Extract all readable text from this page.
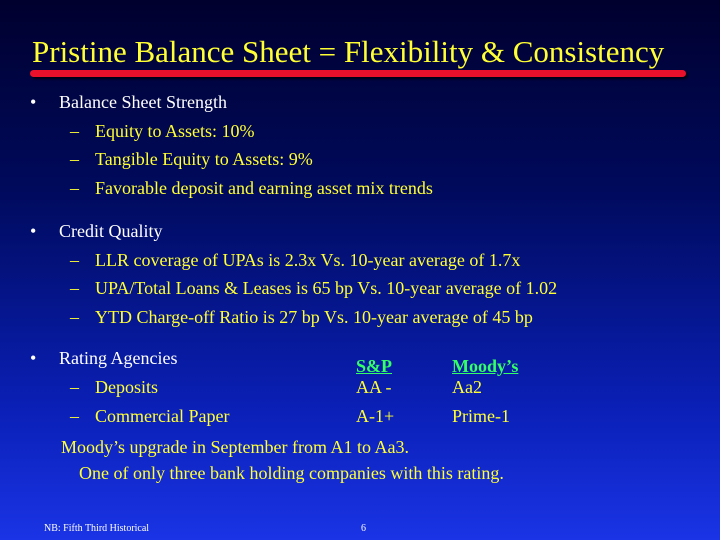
Pristine Balance Sheet = Flexibility & Consistency
• Balance Sheet Strength
– Equity to Assets: 10%
– Tangible Equity to Assets: 9%
– Favorable deposit and earning asset mix trends
• Credit Quality
– LLR coverage of UPAs is 2.3x Vs. 10-year average of 1.7x
– UPA/Total Loans & Leases is 65 bp Vs. 10-year average of 1.02
– YTD Charge-off Ratio is 27 bp Vs. 10-year average of 45 bp
• Rating Agencies	S&P	Moody’s
– Deposits	AA -	Aa2
– Commercial Paper	A-1+	Prime-1
Moody’s upgrade in September from A1 to Aa3.
One of only three bank holding companies with this rating.
NB: Fifth Third Historical	6
